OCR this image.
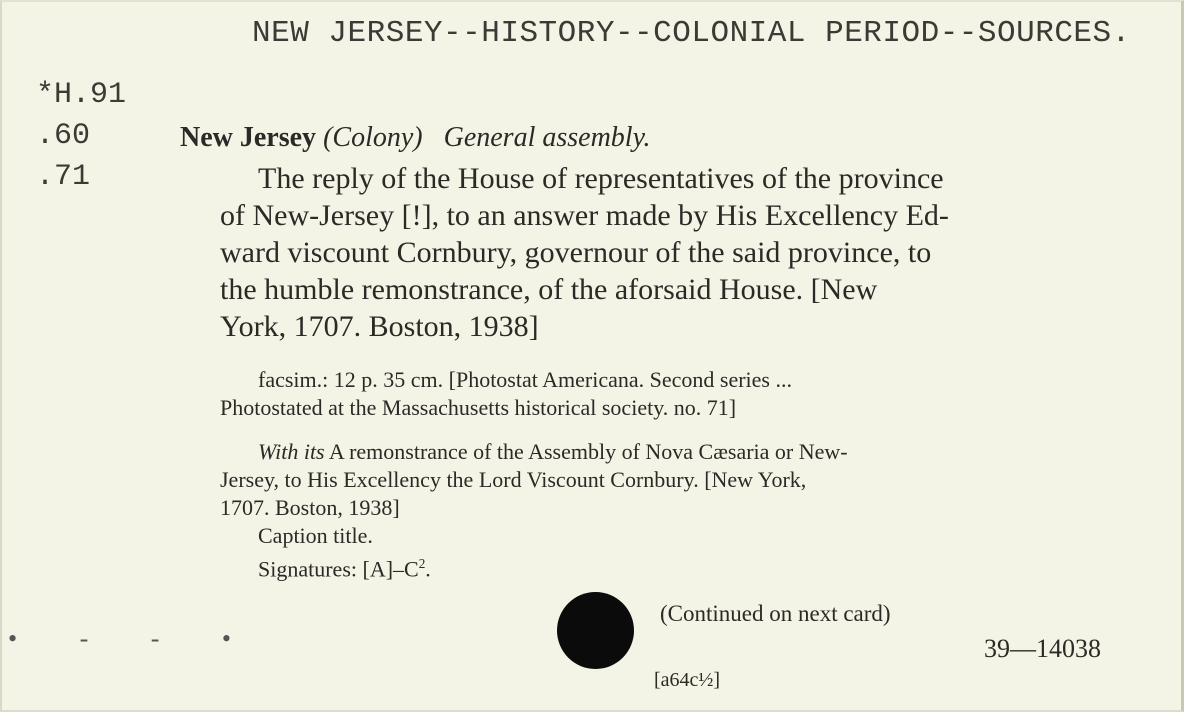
NEW JERSEY--HISTORY--COLONIAL PERIOD--SOURCES.
*H.91
.60
.71
New Jersey (Colony) General assembly.
The reply of the House of representatives of the province
of New-Jersey [!], to an answer made by His Excellency Ed-
ward viscount Cornbury, governour of the said province, to
the humble remonstrance, of the aforsaid House. [New
York, 1707. Boston, 1938]
facsim.: 12 p. 35 cm. [Photostat Americana. Second series ...
Photostated at the Massachusetts historical society. no. 71]
With its A remonstrance of the Assembly of Nova Cæsaria or New-
Jersey, to His Excellency the Lord Viscount Cornbury. [New York,
1707. Boston, 1938]
Caption title.
Signatures: $[A]-C^2$.
(Continued on next card)
39—14038
[a64c½]
• - - •
